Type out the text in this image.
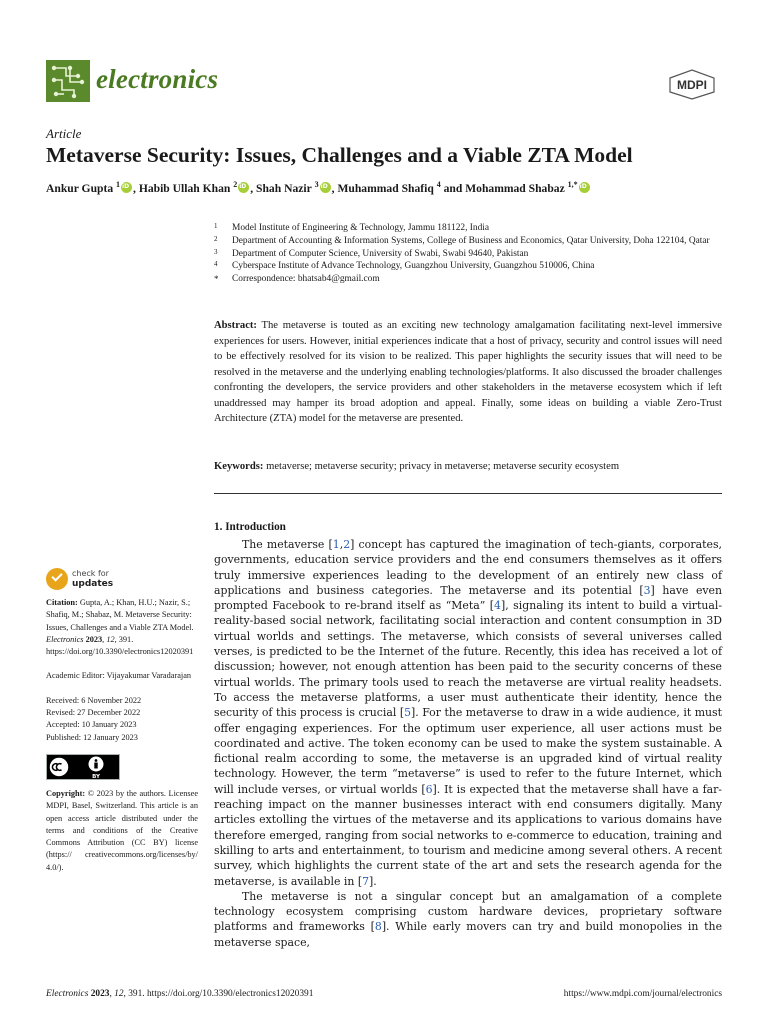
electronics	MDPI
Article
Metaverse Security: Issues, Challenges and a Viable ZTA Model
Ankur Gupta $^1$ iD , Habib Ullah Khan $^2$ iD , Shah Nazir $^3$ iD , Muhammad Shafiq $^4$ and Mohammad Shabaz $^{1,*}$iD
1 Model Institute of Engineering & Technology, Jammu 181122, India
2 Department of Accounting & Information Systems, College of Business and Economics, Qatar University, Doha 122104, Qatar
3 Department of Computer Science, University of Swabi, Swabi 94640, Pakistan
4 Cyberspace Institute of Advance Technology, Guangzhou University, Guangzhou 510006, China
* Correspondence: bhatsab4@gmail.com
Abstract: The metaverse is touted as an exciting new technology amalgamation facilitating next-level immersive experiences for users. However, initial experiences indicate that a host of privacy, security and control issues will need to be effectively resolved for its vision to be realized. This paper highlights the security issues that will need to be resolved in the metaverse and the underlying enabling technologies/platforms. It also discussed the broader challenges confronting the developers, the service providers and other stakeholders in the metaverse ecosystem which if left unaddressed may hamper its broad adoption and appeal. Finally, some ideas on building a viable Zero-Trust Architecture (ZTA) model for the metaverse are presented.
Keywords: metaverse; metaverse security; privacy in metaverse; metaverse security ecosystem
check for
updates

Citation: Gupta, A.; Khan, H.U.; Nazir, S.; Shafiq, M.; Shabaz, M. Metaverse Security: Issues, Challenges and a Viable ZTA Model. Electronics 2023, 12, 391. https://doi.org/10.3390/electronics12020391

Academic Editor: Vijayakumar Varadarajan

Received: 6 November 2022
Revised: 27 December 2022
Accepted: 10 January 2023
Published: 12 January 2023
BY

Copyright: © 2023 by the authors. Licensee MDPI, Basel, Switzerland. This article is an open access article distributed under the terms and conditions of the Creative Commons Attribution (CC BY) license (https:// creativecommons.org/licenses/by/ 4.0/).

1. Introduction

The metaverse [1,2] concept has captured the imagination of tech-giants, corporates, governments, education service providers and the end consumers themselves as it offers truly immersive experiences leading to the development of an entirely new class of applications and business categories. The metaverse and its potential [3] have even prompted Facebook to re-brand itself as “Meta” [4], signaling its intent to build a virtual-reality-based social network, facilitating social interaction and content consumption in 3D virtual worlds and settings. The metaverse, which consists of several universes called verses, is predicted to be the Internet of the future. Recently, this idea has received a lot of discussion; however, not enough attention has been paid to the security concerns of these virtual worlds. The primary tools used to reach the metaverse are virtual reality headsets. To access the metaverse platforms, a user must authenticate their identity, hence the security of this process is crucial [5]. For the metaverse to draw in a wide audience, it must offer engaging experiences. For the optimum user experience, all user actions must be coordinated and active. The token economy can be used to make the system sustainable. A fictional realm according to some, the metaverse is an upgraded kind of virtual reality technology. However, the term “metaverse” is used to refer to the future Internet, which will include verses, or virtual worlds [6]. It is expected that the metaverse shall have a far-reaching impact on the manner businesses interact with end consumers digitally. Many articles extolling the virtues of the metaverse and its applications to various domains have therefore emerged, ranging from social networks to e-commerce to education, training and skilling to arts and entertainment, to tourism and medicine among several others. A recent survey, which highlights the current state of the art and sets the research agenda for the metaverse, is available in [7].

The metaverse is not a singular concept but an amalgamation of a complete technology ecosystem comprising custom hardware devices, proprietary software platforms and frameworks [8]. While early movers can try and build monopolies in the metaverse space,

Electronics 2023, 12, 391. https://doi.org/10.3390/electronics12020391	https://www.mdpi.com/journal/electronics
